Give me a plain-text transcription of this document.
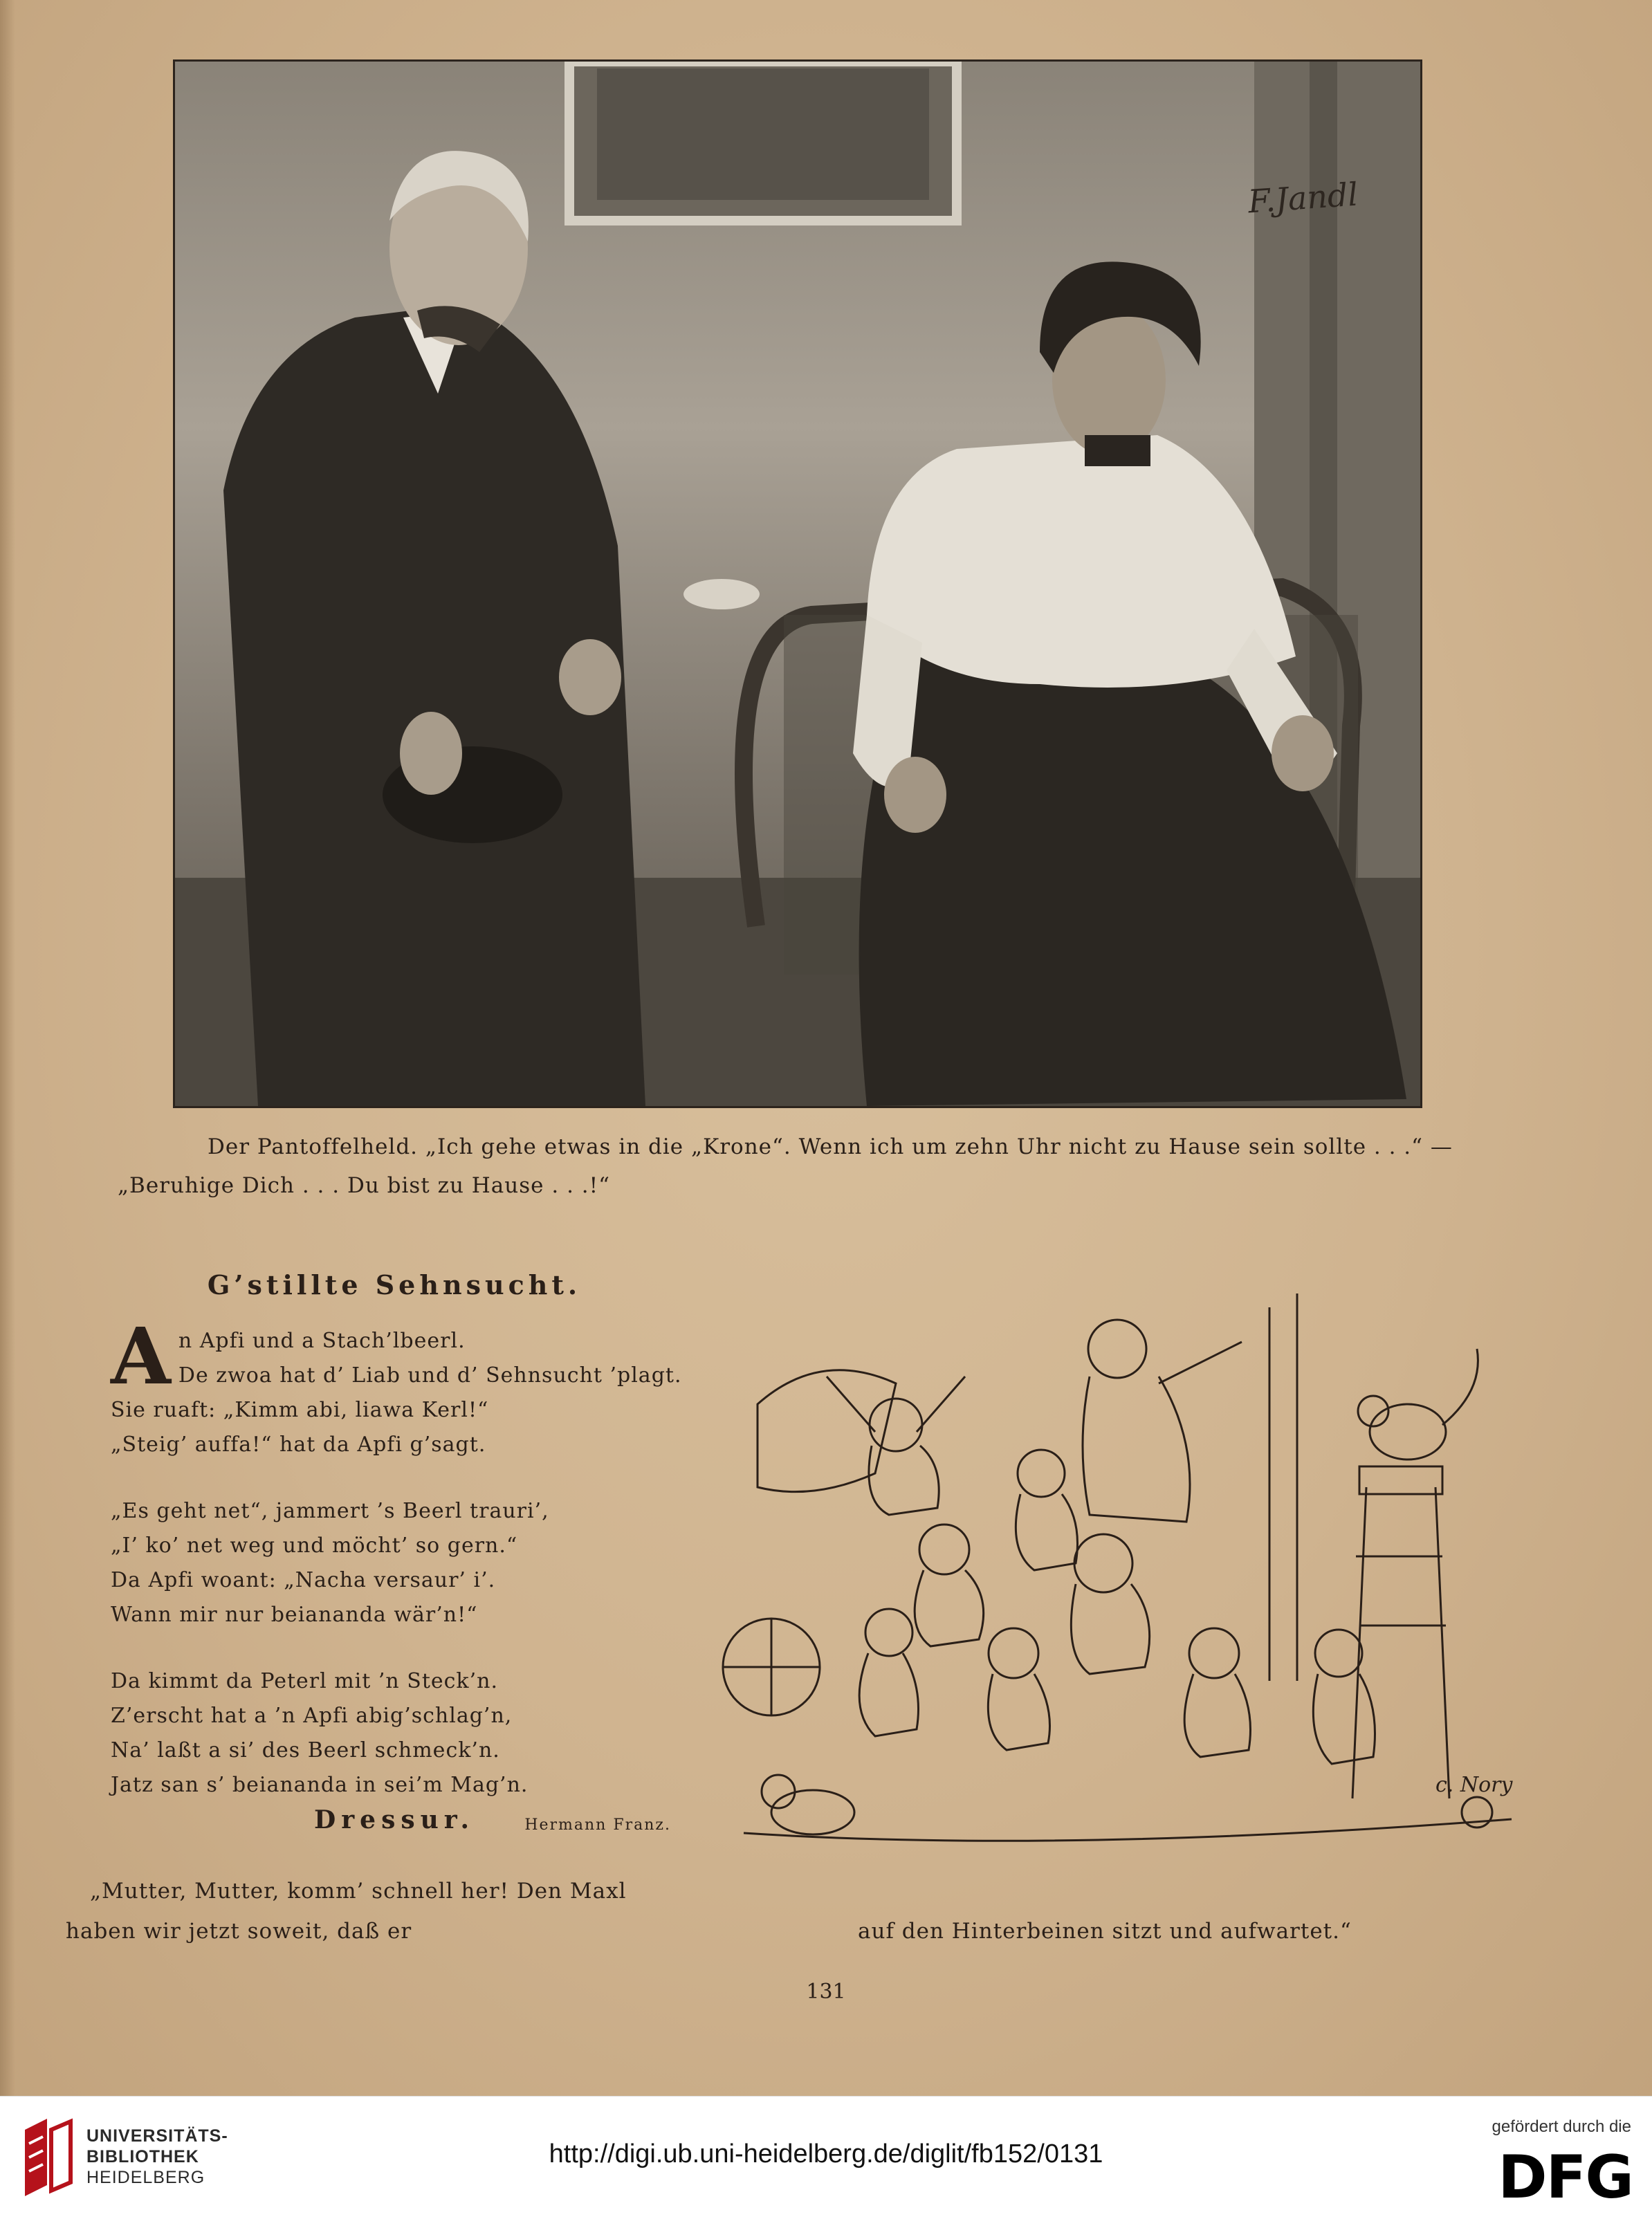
F.Jandl
Der Pantoffelheld. „Ich gehe etwas in die „Krone“. Wenn ich um zehn Uhr nicht zu Hause sein sollte . . .“ —
„Beruhige Dich . . . Du bist zu Hause . . .!“
G’stillte Sehnsucht.
A n Apfi und a Stach’lbeerl.
De zwoa hat d’ Liab und d’ Sehnsucht ’plagt.
Sie ruaft: „Kimm abi, liawa Kerl!“
„Steig’ auffa!“ hat da Apfi g’sagt.
„Es geht net“, jammert ’s Beerl trauri’,
„I’ ko’ net weg und möcht’ so gern.“
Da Apfi woant: „Nacha versaur’ i’.
Wann mir nur beiananda wär’n!“
Da kimmt da Peterl mit ’n Steck’n.
Z’erscht hat a ’n Apfi abig’schlag’n,
Na’ laßt a si’ des Beerl schmeck’n.
Jatz san s’ beiananda in sei’m Mag’n.
Hermann Franz.
Dressur.
c. Nory
„Mutter, Mutter, komm’ schnell her! Den Maxl
haben wir jetzt soweit, daß er	auf den Hinterbeinen sitzt und aufwartet.“
131
UNIVERSITÄTS-
BIBLIOTHEK
HEIDELBERG
http://digi.ub.uni-heidelberg.de/diglit/fb152/0131
gefördert durch die
DFG
